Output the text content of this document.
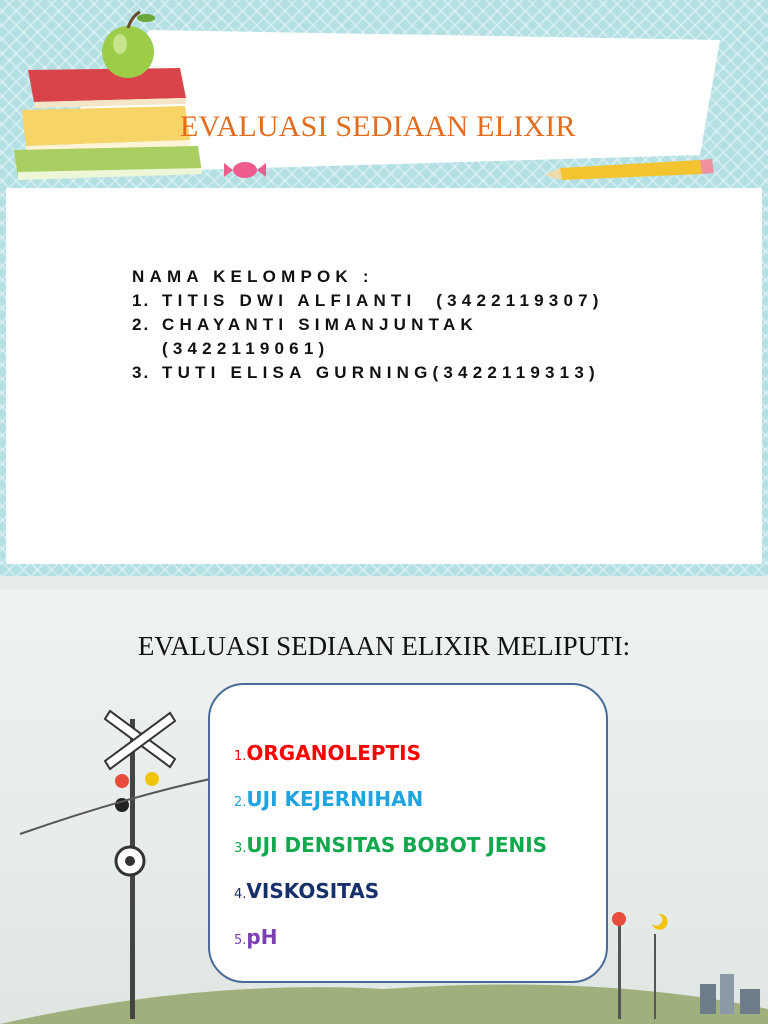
EVALUASI SEDIAAN ELIXIR
NAMA KELOMPOK :
1. TITIS DWI ALFIANTI  (3422119307)
2. CHAYANTI SIMANJUNTAK
(3422119061)
3. TUTI ELISA GURNING(3422119313)
EVALUASI SEDIAAN ELIXIR MELIPUTI:
1.ORGANOLEPTIS
2.UJI KEJERNIHAN
3.UJI DENSITAS BOBOT JENIS
4.VISKOSITAS
5.pH
